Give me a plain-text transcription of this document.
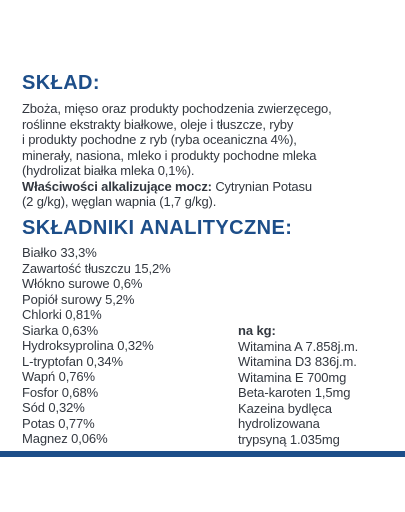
SKŁAD:
Zboża, mięso oraz produkty pochodzenia zwierzęcego,
roślinne ekstrakty białkowe, oleje i tłuszcze, ryby
i produkty pochodne z ryb (ryba oceaniczna 4%),
minerały, nasiona, mleko i produkty pochodne mleka
(hydrolizat białka mleka 0,1%).
Właściwości alkalizujące mocz: Cytrynian Potasu
(2 g/kg), węglan wapnia (1,7 g/kg).
SKŁADNIKI ANALITYCZNE:
Białko 33,3%
Zawartość tłuszczu 15,2%
Włókno surowe 0,6%
Popiół surowy 5,2%
Chlorki 0,81%
Siarka 0,63%
Hydroksyprolina 0,32%
L-tryptofan 0,34%
Wapń 0,76%
Fosfor 0,68%
Sód 0,32%
Potas 0,77%
Magnez 0,06%
na kg:
Witamina A 7.858j.m.
Witamina D3 836j.m.
Witamina E 700mg
Beta-karoten 1,5mg
Kazeina bydlęca
hydrolizowana
trypsyną 1.035mg
